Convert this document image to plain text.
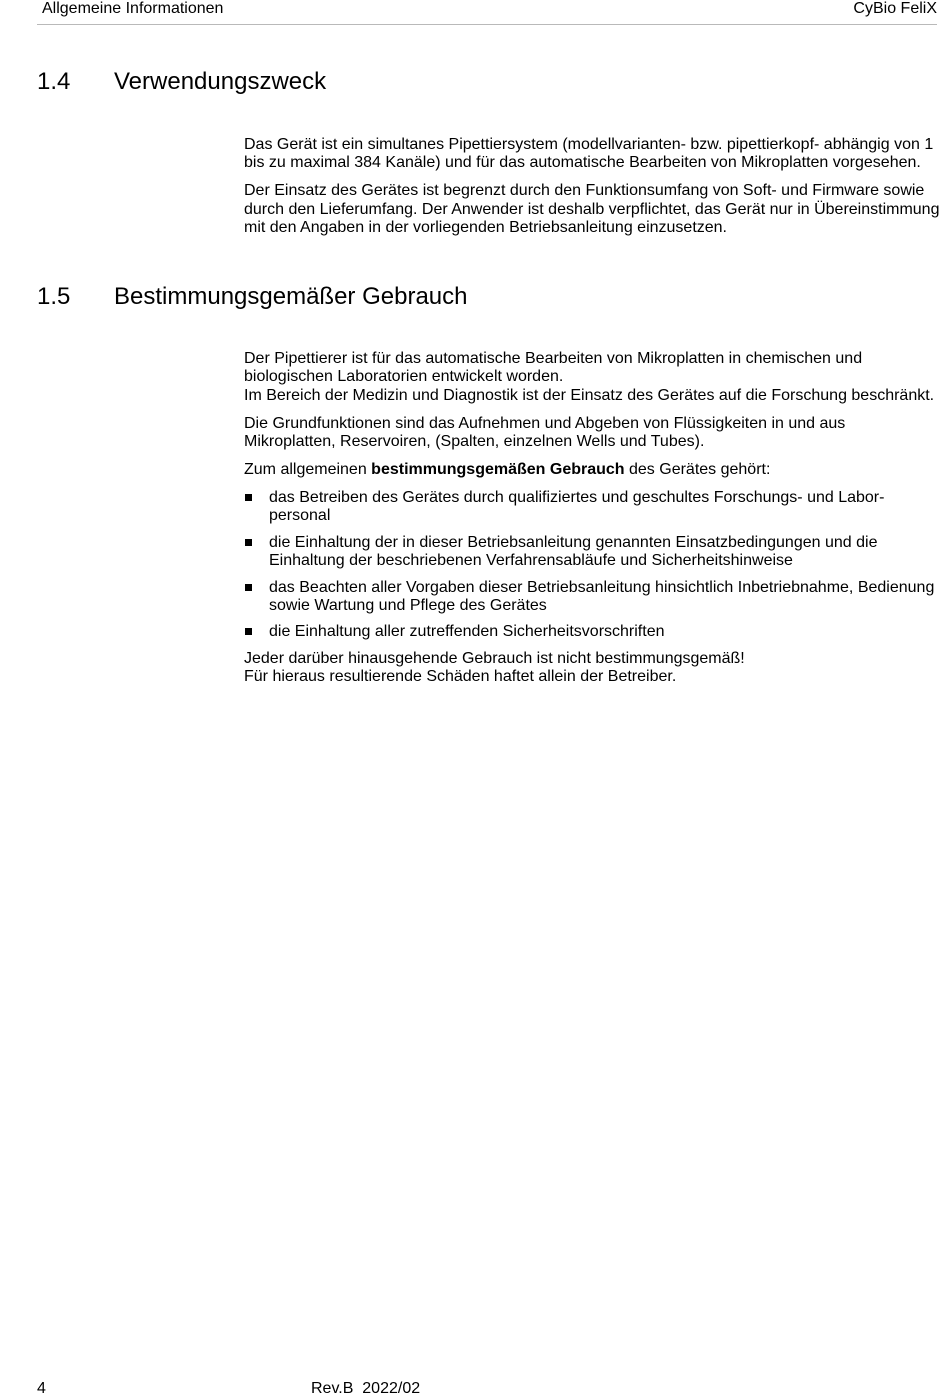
Allgemeine Informationen	CyBio FeliX
1.4	Verwendungszweck

Das Gerät ist ein simultanes Pipettiersystem (modellvarianten- bzw. pipettierkopf- abhängig von 1 bis zu maximal 384 Kanäle) und für das automatische Bearbeiten von Mikroplatten vorgesehen.

Der Einsatz des Gerätes ist begrenzt durch den Funktionsumfang von Soft- und Firmware sowie durch den Lieferumfang. Der Anwender ist deshalb verpflichtet, das Gerät nur in Übereinstimmung mit den Angaben in der vorliegenden Betriebsanleitung einzusetzen.

1.5	Bestimmungsgemäßer Gebrauch

Der Pipettierer ist für das automatische Bearbeiten von Mikroplatten in chemischen und biologischen Laboratorien entwickelt worden.
Im Bereich der Medizin und Diagnostik ist der Einsatz des Gerätes auf die Forschung beschränkt.

Die Grundfunktionen sind das Aufnehmen und Abgeben von Flüssigkeiten in und aus Mikroplatten, Reservoiren, (Spalten, einzelnen Wells und Tubes).

Zum allgemeinen bestimmungsgemäßen Gebrauch des Gerätes gehört:

das Betreiben des Gerätes durch qualifiziertes und geschultes Forschungs- und Labor- personal
die Einhaltung der in dieser Betriebsanleitung genannten Einsatzbedingungen und die Einhaltung der beschriebenen Verfahrensabläufe und Sicherheitshinweise
das Beachten aller Vorgaben dieser Betriebsanleitung hinsichtlich Inbetriebnahme, Bedienung sowie Wartung und Pflege des Gerätes
die Einhaltung aller zutreffenden Sicherheitsvorschriften

Jeder darüber hinausgehende Gebrauch ist nicht bestimmungsgemäß!
Für hieraus resultierende Schäden haftet allein der Betreiber.

4	Rev.B  2022/02
